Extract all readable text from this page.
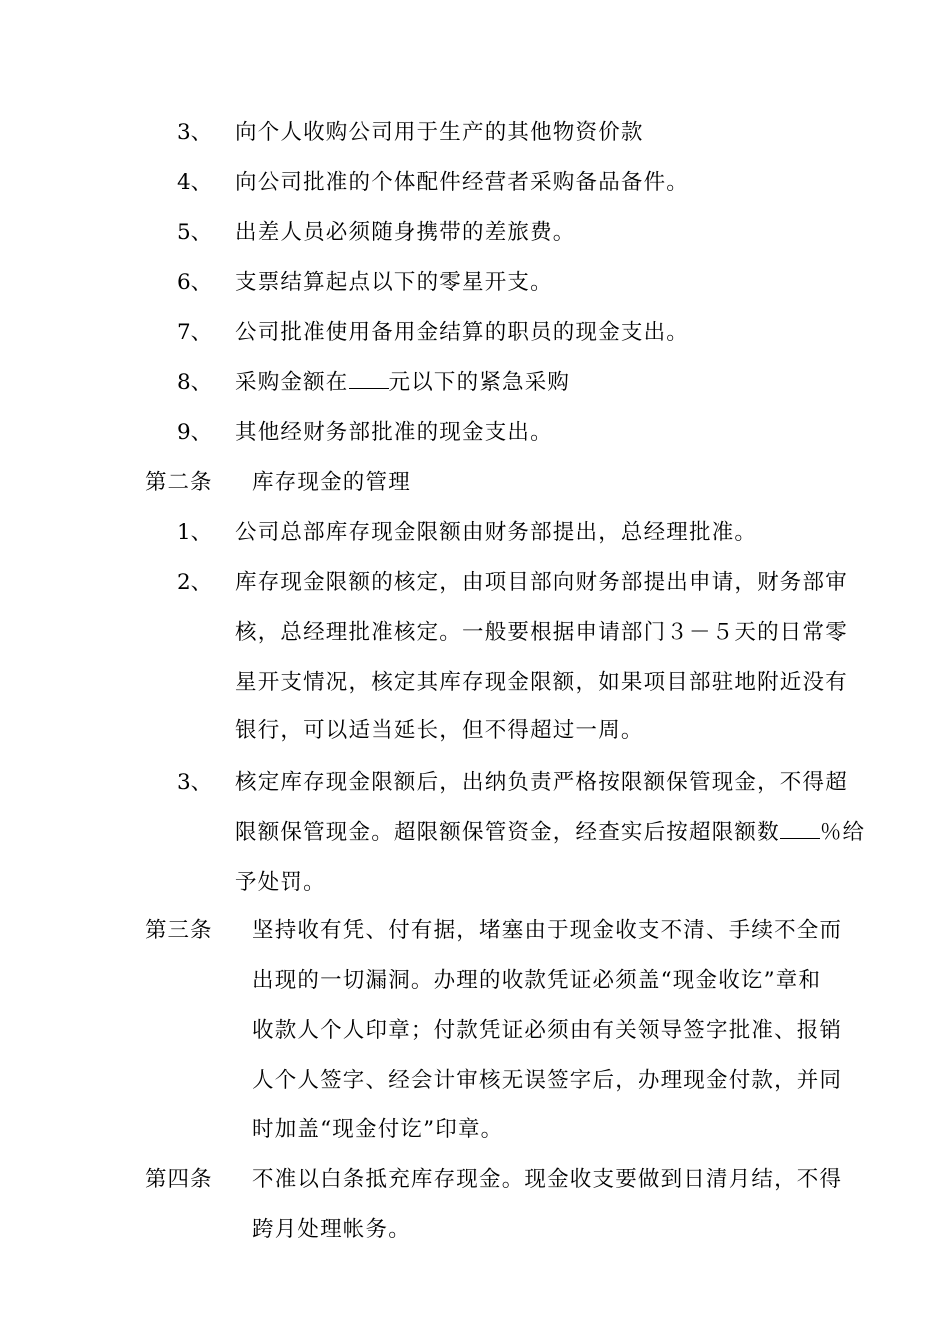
3、 向个人收购公司用于生产的其他物资价款
4、 向公司批准的个体配件经营者采购备品备件。
5、 出差人员必须随身携带的差旅费。
6、 支票结算起点以下的零星开支。
7、 公司批准使用备用金结算的职员的现金支出。
8、 采购金额在 元以下的紧急采购
9、 其他经财务部批准的现金支出。
第二条 库存现金的管理
1、 公司总部库存现金限额由财务部提出，总经理批准。
2、 库存现金限额的核定，由项目部向财务部提出申请，财务部审
核，总经理批准核定。一般要根据申请部门３－５天的日常零
星开支情况，核定其库存现金限额，如果项目部驻地附近没有
银行，可以适当延长，但不得超过一周。
3、 核定库存现金限额后，出纳负责严格按限额保管现金，不得超
限额保管现金。超限额保管资金，经查实后按超限额数 ％给
予处罚。
第三条 坚持收有凭、付有据，堵塞由于现金收支不清、手续不全而
出现的一切漏洞。办理的收款凭证必须盖“现金收讫”章和
收款人个人印章；付款凭证必须由有关领导签字批准、报销
人个人签字、经会计审核无误签字后，办理现金付款，并同
时加盖“现金付讫”印章。
第四条 不准以白条抵充库存现金。现金收支要做到日清月结，不得
跨月处理帐务。
